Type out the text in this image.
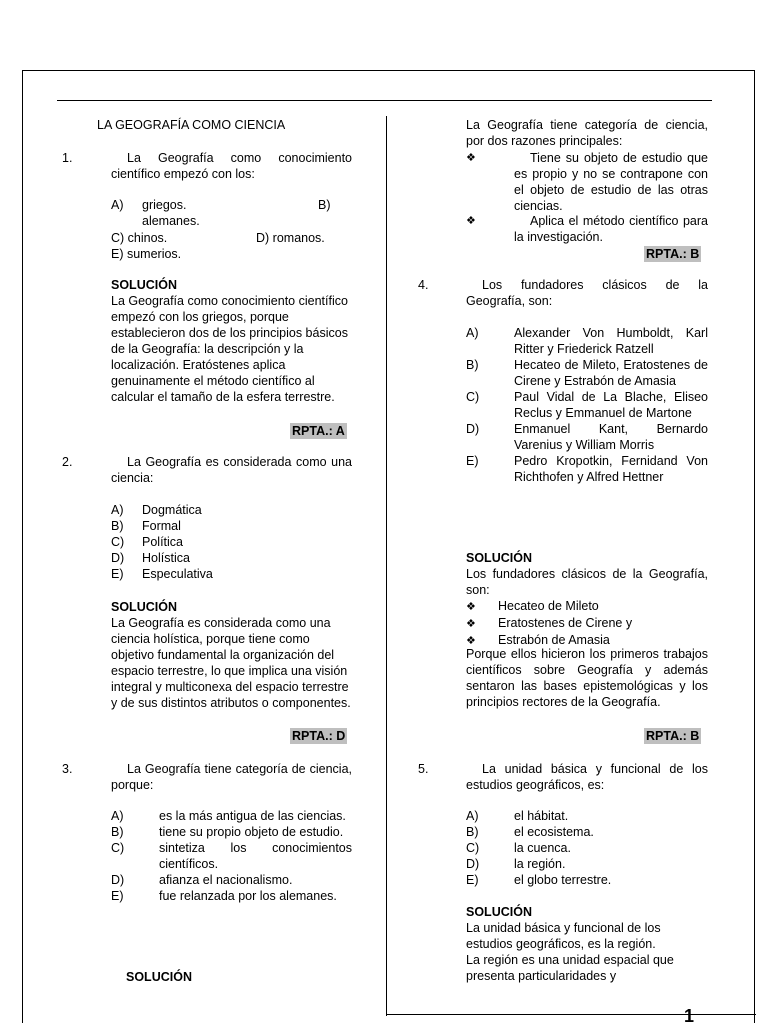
1
LA GEOGRAFÍA COMO CIENCIA
1.	La Geografía como conocimiento científico empezó con los:
A) griegos.	B)
alemanes.
C) chinos.	D) romanos.
E) sumerios.
SOLUCIÓN
La Geografía como conocimiento científico empezó con los griegos, porque establecieron dos de los principios básicos de la Geografía: la descripción y la localización. Eratóstenes aplica genuinamente el método científico al calcular el tamaño de la esfera terrestre.
RPTA.: A
2.	La Geografía es considerada como una ciencia:
A) Dogmática
B) Formal
C) Política
D) Holística
E) Especulativa
SOLUCIÓN
La Geografía es considerada como una ciencia holística, porque tiene como objetivo fundamental la organización del espacio terrestre, lo que implica una visión integral y multiconexa del espacio terrestre y de sus distintos atributos o componentes.
RPTA.: D
3.	La Geografía tiene categoría de ciencia, porque:
A)	es la más antigua de las ciencias.
B)	tiene su propio objeto de estudio.
C)	sintetiza los conocimientos científicos.
D)	afianza el nacionalismo.
E)	fue relanzada por los alemanes.
SOLUCIÓN
La Geografía tiene categoría de ciencia, por dos razones principales:
❖	Tiene su objeto de estudio que es propio y no se contrapone con el objeto de estudio de las otras ciencias.
❖	Aplica el método científico para la investigación.
RPTA.: B
4.	Los fundadores clásicos de la Geografía, son:
A)	Alexander Von Humboldt, Karl Ritter y Friederick Ratzell
B)	Hecateo de Mileto, Eratostenes de Cirene y Estrabón de Amasia
C)	Paul Vidal de La Blache, Eliseo Reclus y Emmanuel de Martone
D)	Enmanuel Kant, Bernardo Varenius y William Morris
E)	Pedro Kropotkin, Fernidand Von Richthofen y Alfred Hettner
SOLUCIÓN
Los fundadores clásicos de la Geografía, son:
❖ Hecateo de Mileto
❖ Eratostenes de Cirene y
❖ Estrabón de Amasia
Porque ellos hicieron los primeros trabajos científicos sobre Geografía y además sentaron las bases epistemológicas y los principios rectores de la Geografía.
RPTA.: B
5.	La unidad básica y funcional de los estudios geográficos, es:
A)	el hábitat.
B)	el ecosistema.
C)	la cuenca.
D)	la región.
E)	el globo terrestre.
SOLUCIÓN
La unidad básica y funcional de los estudios geográficos, es la región.
La región es una unidad espacial que presenta particularidades y
